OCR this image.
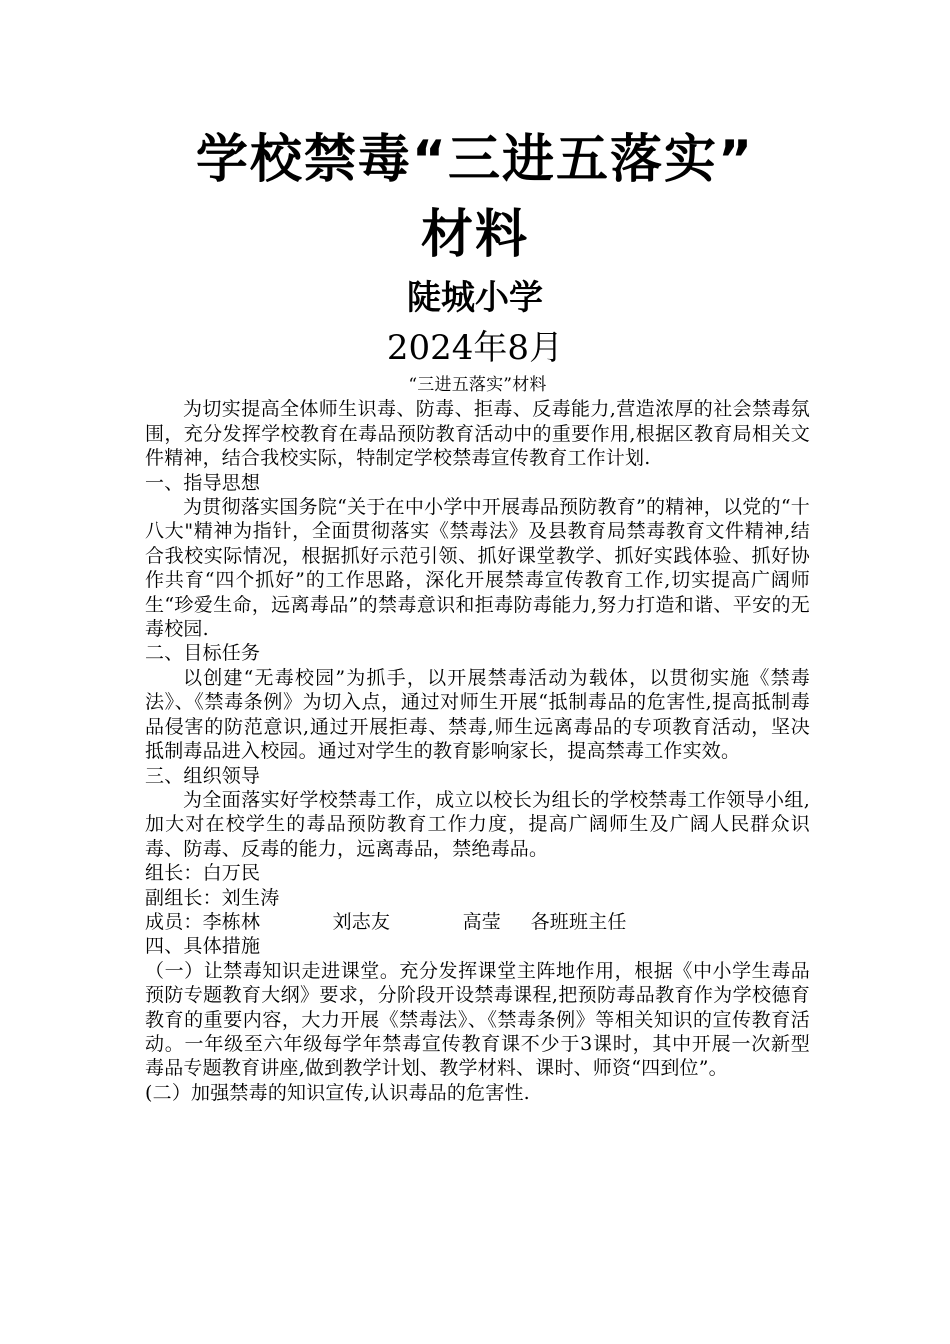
学校禁毒“三进五落实”
材料
陡城小学
2024年8月

“三进五落实”材料

为切实提高全体师生识毒、防毒、拒毒、反毒能力,营造浓厚的社会禁毒氛围，充分发挥学校教育在毒品预防教育活动中的重要作用,根据区教育局相关文件精神，结合我校实际，特制定学校禁毒宣传教育工作计划.

一、指导思想

为贯彻落实国务院“关于在中小学中开展毒品预防教育”的精神，以党的“十八大"精神为指针，全面贯彻落实《禁毒法》及县教育局禁毒教育文件精神,结合我校实际情况，根据抓好示范引领、抓好课堂教学、抓好实践体验、抓好协作共育“四个抓好”的工作思路，深化开展禁毒宣传教育工作,切实提高广阔师生“珍爱生命，远离毒品”的禁毒意识和拒毒防毒能力,努力打造和谐、平安的无毒校园.

二、目标任务

以创建“无毒校园”为抓手，以开展禁毒活动为载体，以贯彻实施《禁毒法》、《禁毒条例》为切入点，通过对师生开展“抵制毒品的危害性,提高抵制毒品侵害的防范意识,通过开展拒毒、禁毒,师生远离毒品的专项教育活动，坚决抵制毒品进入校园。通过对学生的教育影响家长，提高禁毒工作实效。

三、组织领导

为全面落实好学校禁毒工作，成立以校长为组长的学校禁毒工作领导小组,加大对在校学生的毒品预防教育工作力度，提高广阔师生及广阔人民群众识毒、防毒、反毒的能力，远离毒品，禁绝毒品。

组长：白万民

副组长：刘生涛

成员： 李栋林	刘志友	高莹	各班班主任

四、具体措施

（一）让禁毒知识走进课堂。充分发挥课堂主阵地作用，根据《中小学生毒品预防专题教育大纲》要求，分阶段开设禁毒课程,把预防毒品教育作为学校德育教育的重要内容，大力开展《禁毒法》、《禁毒条例》等相关知识的宣传教育活动。一年级至六年级每学年禁毒宣传教育课不少于3课时，其中开展一次新型毒品专题教育讲座,做到教学计划、教学材料、课时、师资“四到位”。

(二）加强禁毒的知识宣传,认识毒品的危害性.
